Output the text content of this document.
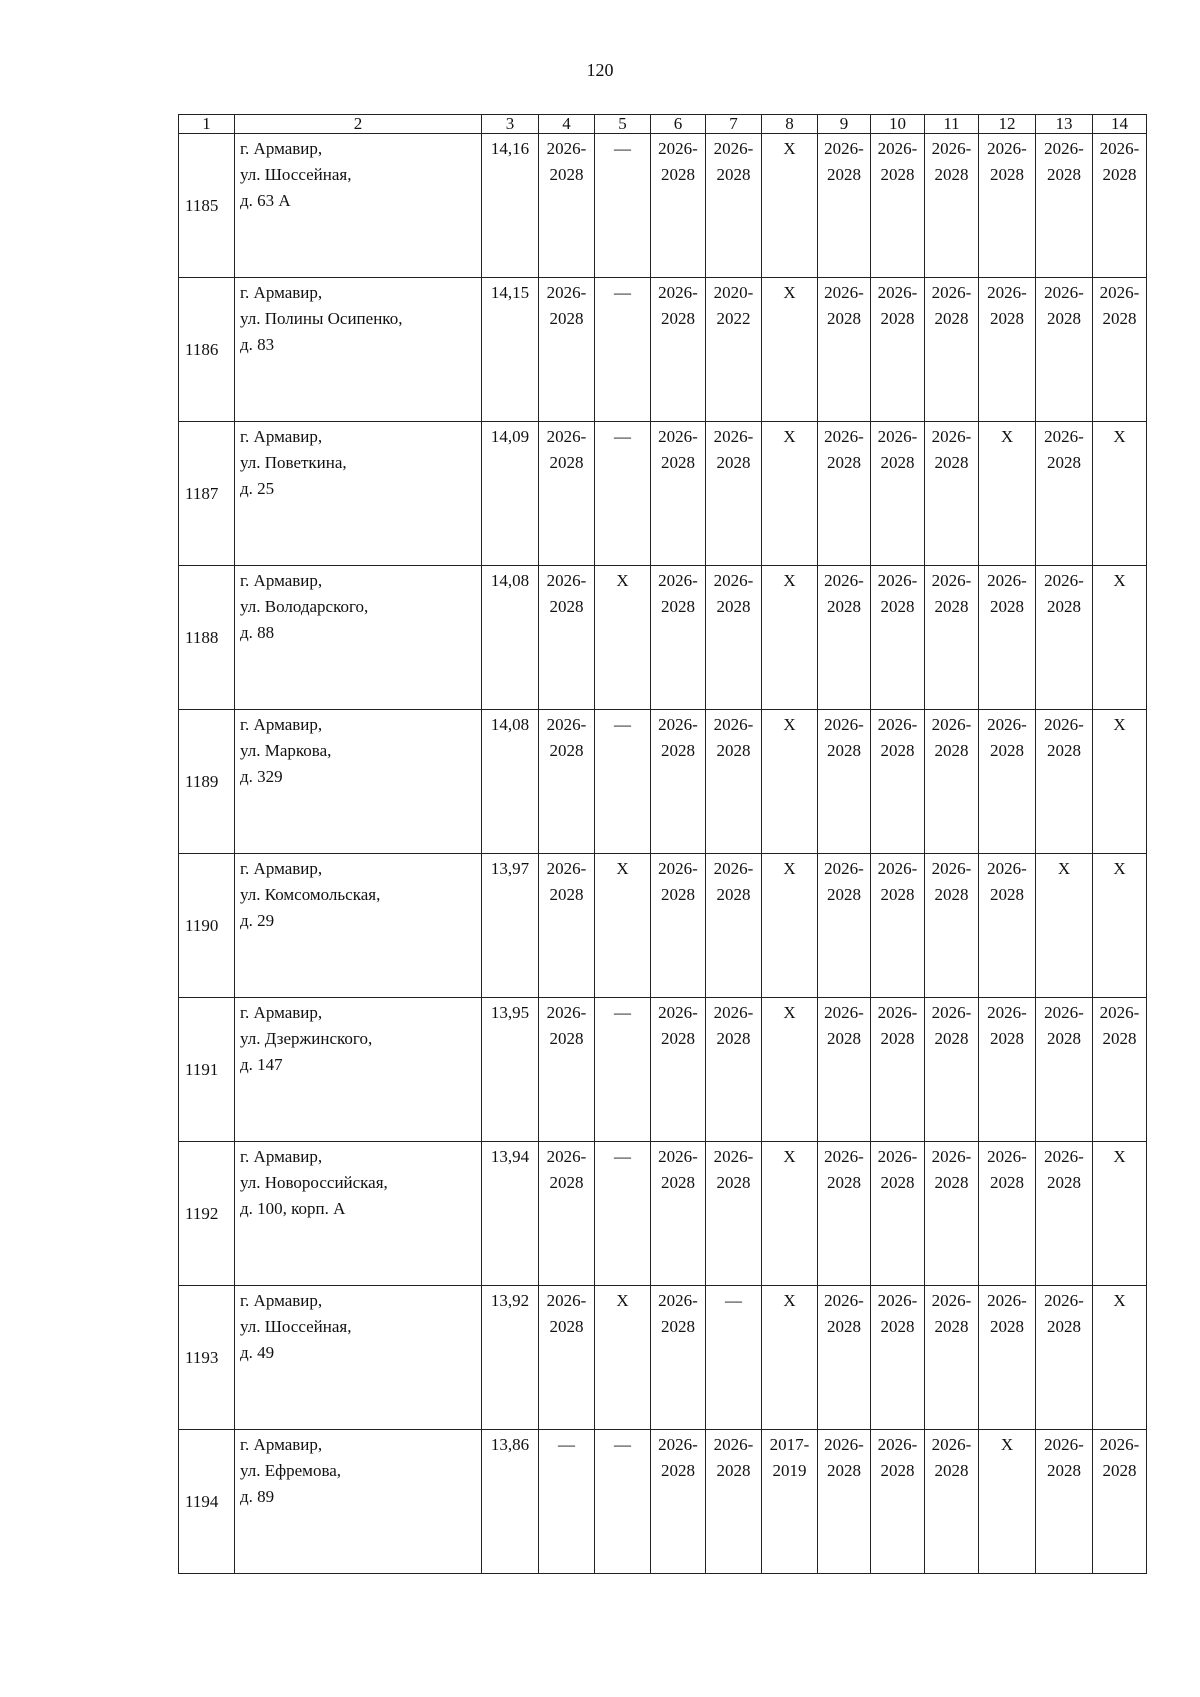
120
1	2	3	4	5	6	7	8	9	10	11	12	13	14
1185	г. Армавир,
ул. Шоссейная,
д. 63 А	14,16	2026-
2028	—	2026-
2028	2026-
2028	Х	2026-
2028	2026-
2028	2026-
2028	2026-
2028	2026-
2028	2026-
2028

1186	г. Армавир,
ул. Полины Осипенко,
д. 83	14,15	2026-
2028	—	2026-
2028	2020-
2022	Х	2026-
2028	2026-
2028	2026-
2028	2026-
2028	2026-
2028	2026-
2028

1187	г. Армавир,
ул. Поветкина,
д. 25	14,09	2026-
2028	—	2026-
2028	2026-
2028	Х	2026-
2028	2026-
2028	2026-
2028	Х	2026-
2028	Х

1188	г. Армавир,
ул. Володарского,
д. 88	14,08	2026-
2028	Х	2026-
2028	2026-
2028	Х	2026-
2028	2026-
2028	2026-
2028	2026-
2028	2026-
2028	Х

1189	г. Армавир,
ул. Маркова,
д. 329	14,08	2026-
2028	—	2026-
2028	2026-
2028	Х	2026-
2028	2026-
2028	2026-
2028	2026-
2028	2026-
2028	Х

1190	г. Армавир,
ул. Комсомольская,
д. 29	13,97	2026-
2028	Х	2026-
2028	2026-
2028	Х	2026-
2028	2026-
2028	2026-
2028	2026-
2028	Х	Х

1191	г. Армавир,
ул. Дзержинского,
д. 147	13,95	2026-
2028	—	2026-
2028	2026-
2028	Х	2026-
2028	2026-
2028	2026-
2028	2026-
2028	2026-
2028	2026-
2028

1192	г. Армавир,
ул. Новороссийская,
д. 100, корп. А	13,94	2026-
2028	—	2026-
2028	2026-
2028	Х	2026-
2028	2026-
2028	2026-
2028	2026-
2028	2026-
2028	Х

1193	г. Армавир,
ул. Шоссейная,
д. 49	13,92	2026-
2028	Х	2026-
2028	—	Х	2026-
2028	2026-
2028	2026-
2028	2026-
2028	2026-
2028	Х

1194	г. Армавир,
ул. Ефремова,
д. 89	13,86	—	—	2026-
2028	2026-
2028	2017-
2019	2026-
2028	2026-
2028	2026-
2028	Х	2026-
2028	2026-
2028
